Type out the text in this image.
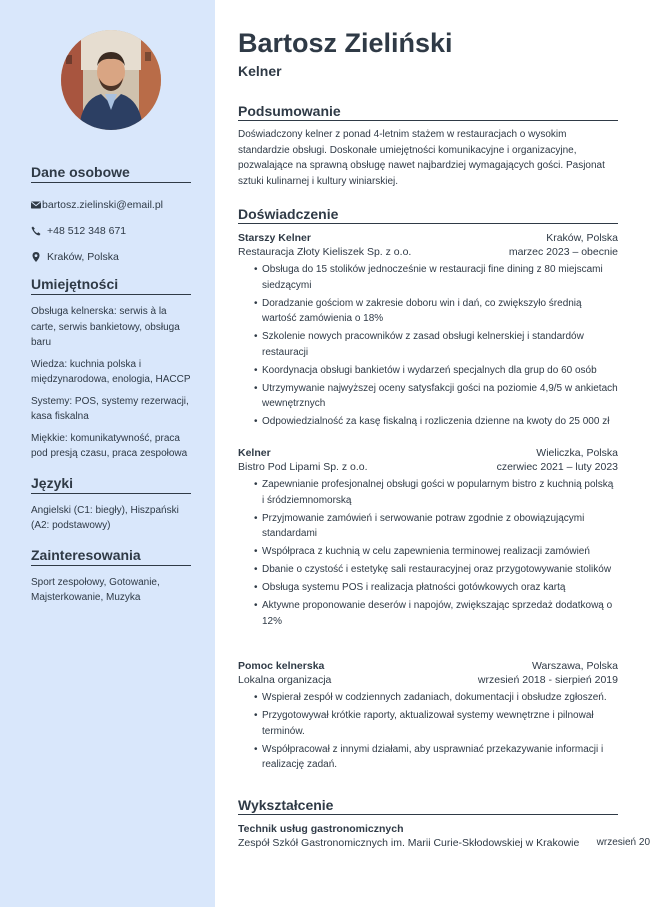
Dane osobowe
bartosz.zielinski@email.pl
+48 512 348 671
Kraków, Polska
Umiejętności

Obsługa kelnerska: serwis à la carte, serwis bankietowy, obsługa baru

Wiedza: kuchnia polska i międzynarodowa, enologia, HACCP

Systemy: POS, systemy rezerwacji, kasa fiskalna

Miękkie: komunikatywność, praca pod presją czasu, praca zespołowa

Języki

Angielski (C1: biegły), Hiszpański (A2: podstawowy)

Zainteresowania

Sport zespołowy, Gotowanie, Majsterkowanie, Muzyka

Bartosz Zieliński
Kelner
Podsumowanie

Doświadczony kelner z ponad 4-letnim stażem w restauracjach o wysokim standardzie obsługi. Doskonałe umiejętności komunikacyjne i organizacyjne, pozwalające na sprawną obsługę nawet najbardziej wymagających gości. Pasjonat sztuki kulinarnej i kultury winiarskiej.

Doświadczenie
Starszy Kelner	Kraków, Polska
Restauracja Złoty Kieliszek Sp. z o.o.	marzec 2023 – obecnie
• Obsługa do 15 stolików jednocześnie w restauracji fine dining z 80 miejscami siedzącymi
• Doradzanie gościom w zakresie doboru win i dań, co zwiększyło średnią wartość zamówienia o 18%
• Szkolenie nowych pracowników z zasad obsługi kelnerskiej i standardów restauracji
• Koordynacja obsługi bankietów i wydarzeń specjalnych dla grup do 60 osób
• Utrzymywanie najwyższej oceny satysfakcji gości na poziomie 4,9/5 w ankietach wewnętrznych
• Odpowiedzialność za kasę fiskalną i rozliczenia dzienne na kwoty do 25 000 zł
Kelner	Wieliczka, Polska
Bistro Pod Lipami Sp. z o.o.	czerwiec 2021 – luty 2023
• Zapewnianie profesjonalnej obsługi gości w popularnym bistro z kuchnią polską i śródziemnomorską
• Przyjmowanie zamówień i serwowanie potraw zgodnie z obowiązującymi standardami
• Współpraca z kuchnią w celu zapewnienia terminowej realizacji zamówień
• Dbanie o czystość i estetykę sali restauracyjnej oraz przygotowywanie stolików
• Obsługa systemu POS i realizacja płatności gotówkowych oraz kartą
• Aktywne proponowanie deserów i napojów, zwiększając sprzedaż dodatkową o 12%
Pomoc kelnerska	Warszawa, Polska
Lokalna organizacja	wrzesień 2018 - sierpień 2019
• Wspierał zespół w codziennych zadaniach, dokumentacji i obsłudze zgłoszeń.
• Przygotowywał krótkie raporty, aktualizował systemy wewnętrzne i pilnował terminów.
• Współpracował z innymi działami, aby usprawniać przekazywanie informacji i realizację zadań.
Wykształcenie
Technik usług gastronomicznych
Zespół Szkół Gastronomicznych im. Marii Curie-Skłodowskiej w Krakowie wrzesień 20
